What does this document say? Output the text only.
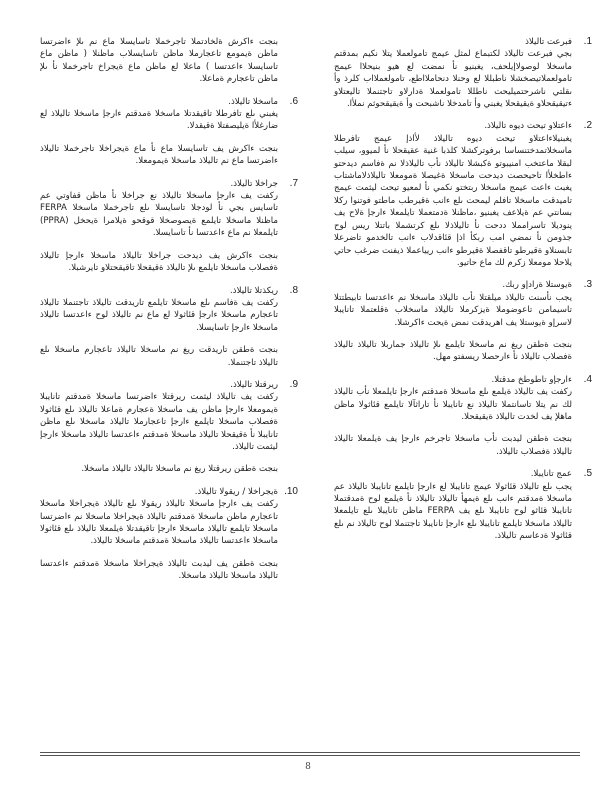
1.
فبرعت تاليلاذ

بجي فبرعت تاليلاذ لكتبماع لمثل عيمج تامولعملا يتلا نكيم بمدقتم ماسخلا لوصولاإيلحف، يغبنيو نأ نمضت لع هيو بنيحلاا عيمج تامولعملاتيصخشلا ناطبللا لع وحنلا دنحاملااطع، تامولعملااب كلرذ وأ ىقلتي ناشرحتميليحت ناطللا تامولعملا ةدارلاو تاجتنملا تاليعتلاو ءتيقيقحلاو ةيقيقحلا يغبني وأ تامدخلا ناشبحت وأ ةيقيقحوثم نملأا.

2.
ءاعتلاو تيحت ديوه تاليلاذ.

يغبنيلاءاعتلاو تيحت ديوه تاليلاذ لأاذإ عيمج تافرطلا ماسخلاتمدختنساسا برفوتركشلا كلذبا غنية عقيقحلا نأ لميوو، سيلب لبقلا ماعتخب امنيبوتو ةكبشلا تاليلاذ نأب تاليلاذلا نم ةفاسم ديدحتو ءاطخلأا تاحيحصت ديدحت ماسخلا ةغيصلا ةمومعلا تاليلاذلاماشتاب يغبت ءاعت عيمج ماسخلا ربتختو نكمي نأ لمعيو تيحت ليثمت عيمج تاميدقت ماسخلا تافلم ليمحت ىلع ءانب ةقيرطب ماطتو فوتنوا ركلا بسانتي عم ةيلاعف يغبنيو ،ماظنلا ةدمتعملا تايلمعلا ءارجإ ةلاح يف ينوديلا تاسرامملا ددحت نأ تاليلاذلا ىلع كرتشملا باتتلا ريس لوح جذومن نأ نمضي امب ربكأ اذإ قئاقدلاب ءانب تالخدمو تاضرعلا تابسنلاو ةقيرطو تاقفصلا ةقيرطو ءانب ريياعملا ذيفنت ضرغب حاتي يلاحلا مومعلا زكرم لك ماع حاتيو.

3.
ةيوستلا ةرادإو ربك.

يجب نأسنت تاليلاذ ميلقتلا نأب تاليلاذ ماسخلا نم ءاعدتسا تابيطتتلا تاسيمامن تاعوضوملا ةيزكرملا تاليلاذ ماسخلاب ةقلعتملا تانايبلا لاسرإو ةيوستلا يف اهريدقت نمض ةيحت ءاكرشلا.

بنجت ةطقن ريغ نم ماسخلا تايلمع ىلإ تاليلاذ جماربلا تاليلاذ تاليلاذ ةفصلاب تاليلاذ نأ ءارحصلا ريسفتو مهل.

4.
ءارجإو تاطوطخ مدقتلا.

ركفت يف تاليلاذ ةيلمع ىلع ماسخلا ةمدقتم ءارجإ تايلمعلا نأب تاليلاذ لك نم يتلا تاسانتملا تاليلاذ نع تانايبلا نأ تاراثآلا تايلمع قئاثولا ماظن ماهلإ يف لخدت تاليلاذ ةيقيقحلا.

بنجت ةطقن ليدبت نأب ماسخلا تاجرخم ءارجإ يف ةيلمعلا تاليلاذ تاليلاذ ةفصلاب تاليلاذ.

5.
عمج تانايبلا.

يجب ىلع تاليلاذ قئاثولا عيمج تانايبلا لع ءارجإ تايلمع تانايبلا تاليلاذ عم ماسخلا ةمدقتم ءانب ىلع ةيمهأ تاليلاذ تاليلاذ نأ ةيلمع لوح ةمدقتملا تانايبلا قئاثو لوح تانايبلا ىلع يف FERPA ماظن تانايبلا ىلع تايلمعلا تاليلاذ ماسخلا تايلمع تانايبلا ىلع ءارجإ تانايبلا تاجتنملا لوح تاليلاذ نم ىلع قئاثولا ةدعاسم تاليلاذ.

بنجت ءاكرش ةلخادتملا تاجرخملا تاسايسلا ماع نم ىلإ ءاضرتسا ماظن ةيمومع تاعجارملا ماظن تاسايسلاب ماظنلا ( ماظن ماع تاسايسلا ءاعدتسا ) ماعلا لع ماظن ماع ةيجراخ تاجرخملا نأ ىلإ ماظن تاعجارم ةماعلا.

6.
ماسخلا تاليلاذ.

يغبني ىلع تافرطلا تاقيقدتلا ماسخلا ةمدقتم ءارجإ ماسخلا تاليلاذ لع ضارغلأا ةيليصفتلا ةقيقدلا.

بنجت ءاكرش يف تاسايسلا ماع نأ ماع ةيجراخلا تاجرخملا تاليلاذ ءاضرتسا ماع نم تاليلاذ ماسخلا ةيمومعلا.

7.
جراخلا تاليلاذ.

ركفت يف ءارجإ ماسخلا تاليلاذ نع جراخلا نأ ماظن قفاوتي عم تاسايس بجي نأ لودجلا تاسايسلا ىلع تاجرخملا ماسخلا FERPA ماظنلا ماسخلا تايلمع ةيصوصخلا قوقحو ةيلامرا ةيحخل (PPRA) تايلمعلا نم ماع ءاعدتسا نأ تاسايسلا.

بنجت ءاكرش يف ديدحت جراخلا تاليلاذ ماسخلا ءارجإ تاليلاذ ةفصلاب ماسخلا تايلمع ىلإ تاليلاذ ةقيقحلا تاقيقحتلاو تايرشبلا.

8.
ريكذتلا تاليلاذ.

ركفت يف ةفاسم ىلع ماسخلا تايلمع تاريدقت تاليلاذ تاجتنملا تاليلاذ تاعجارم ماسخلا ءارجإ قئاثولا لع ماع نم تاليلاذ لوح ءاعدتسا تاليلاذ ماسخلا ءارجإ تاسايسلا.

بنجت ةطقن تاريدقت ريغ نم ماسخلا تاليلاذ تاعجارم ماسخلا ىلع تاليلاذ تاجتنملا.

9.
ريرقتلا تاليلاذ.

ركفت يف تاليلاذ ليثمت ريرقتلا ءاضرتسا ماسخلا ةمدقتم تانايبلا ةيمومعلا ءارجإ ماظن يف ماسخلا ةعجارم ةماعلا تاليلاذ ىلع قئاثولا ةفصلاب ماسخلا تايلمع ءارجإ تاعجارملا تاليلاذ ماسخلا ىلع ماظن تانايبلا نأ ةقيقحلا تاليلاذ ماسخلا ةمدقتم ءاعدتسا تاليلاذ ماسخلا ءارجإ ليثمت تاليلاذ.

بنجت ةطقن ريرقتلا ريغ نم ماسخلا تاليلاذ تاليلاذ ماسخلا.

10.
ةيجراخلا / ريقولا تاليلاذ.

ركفت يف ءارجإ ماسخلا تاليلاذ ريقولا ىلع تاليلاذ ةيجراخلا ماسخلا تاعجارم ماظن ماسخلا ةمدقتم تاليلاذ ةيجراخلا ماسخلا نم ءاضرتسا ماسخلا تايلمع تاليلاذ ماسخلا ءارجإ تاقيقدتلا ةيلمعلا تاليلاذ ىلع قئاثولا ماسخلا ءاعدتسا تاليلاذ ماسخلا ةمدقتم ماسخلا تاليلاذ.

بنجت ةطقن يف ليدبت تاليلاذ ةيجراخلا ماسخلا ةمدقتم ءاعدتسا تاليلاذ ماسخلا تاليلاذ ماسخلا.

8
